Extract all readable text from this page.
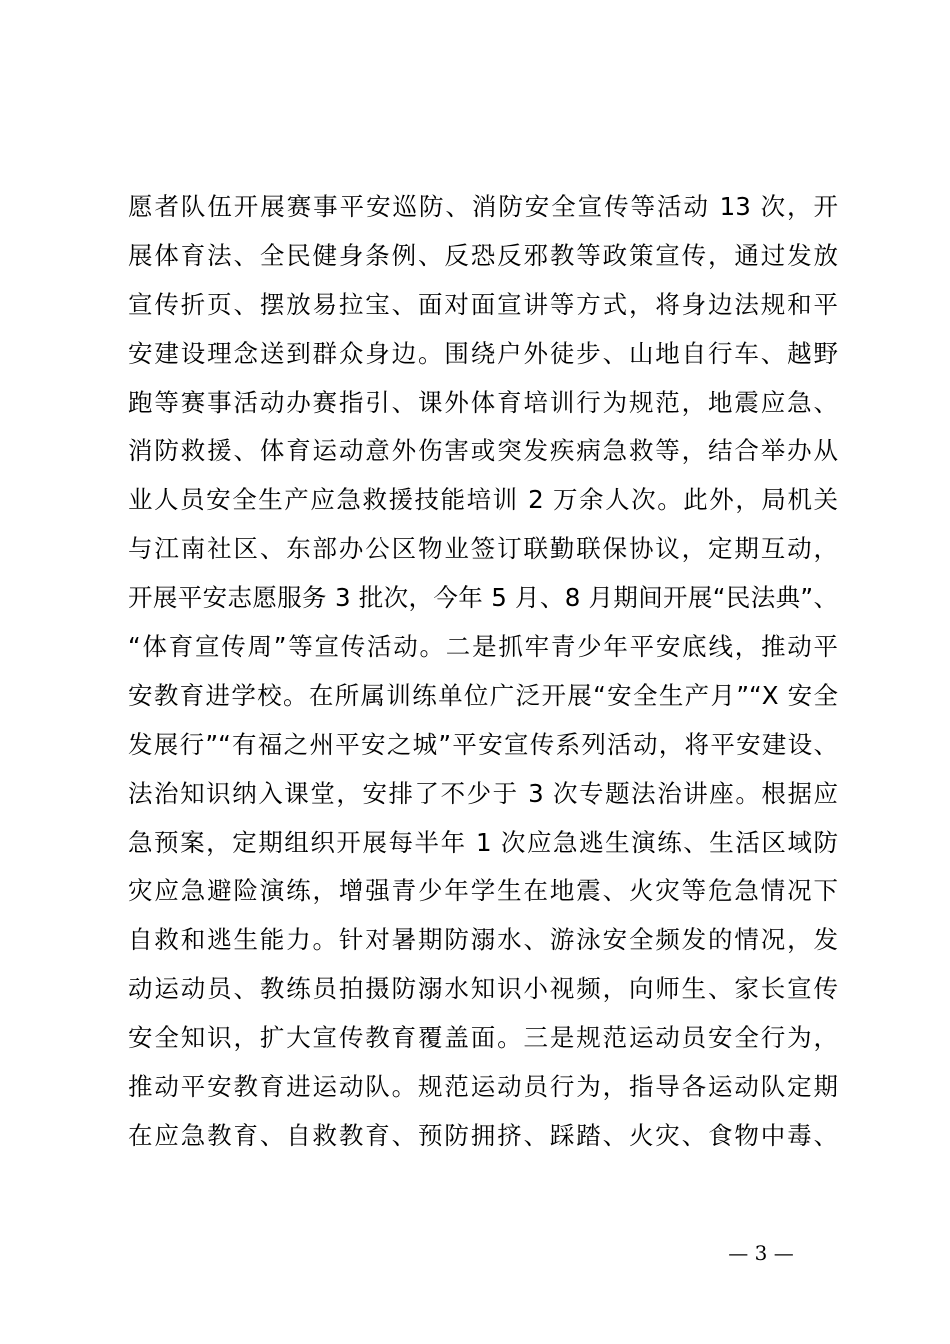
愿者队伍开展赛事平安巡防、消防安全宣传等活动 13 次，开
展体育法、全民健身条例、反恐反邪教等政策宣传，通过发放
宣传折页、摆放易拉宝、面对面宣讲等方式，将身边法规和平
安建设理念送到群众身边。围绕户外徒步、山地自行车、越野
跑等赛事活动办赛指引、课外体育培训行为规范，地震应急、
消防救援、体育运动意外伤害或突发疾病急救等，结合举办从
业人员安全生产应急救援技能培训 2 万余人次。此外，局机关
与江南社区、东部办公区物业签订联勤联保协议，定期互动，
开展平安志愿服务 3 批次，今年 5 月、8 月期间开展“民法典”、
“体育宣传周”等宣传活动。二是抓牢青少年平安底线，推动平
安教育进学校。在所属训练单位广泛开展“安全生产月”“X 安全
发展行”“有福之州平安之城”平安宣传系列活动，将平安建设、
法治知识纳入课堂，安排了不少于 3 次专题法治讲座。根据应
急预案，定期组织开展每半年 1 次应急逃生演练、生活区域防
灾应急避险演练，增强青少年学生在地震、火灾等危急情况下
自救和逃生能力。针对暑期防溺水、游泳安全频发的情况，发
动运动员、教练员拍摄防溺水知识小视频，向师生、家长宣传
安全知识，扩大宣传教育覆盖面。三是规范运动员安全行为，
推动平安教育进运动队。规范运动员行为，指导各运动队定期
在应急教育、自救教育、预防拥挤、踩踏、火灾、食物中毒、
— 3 —
